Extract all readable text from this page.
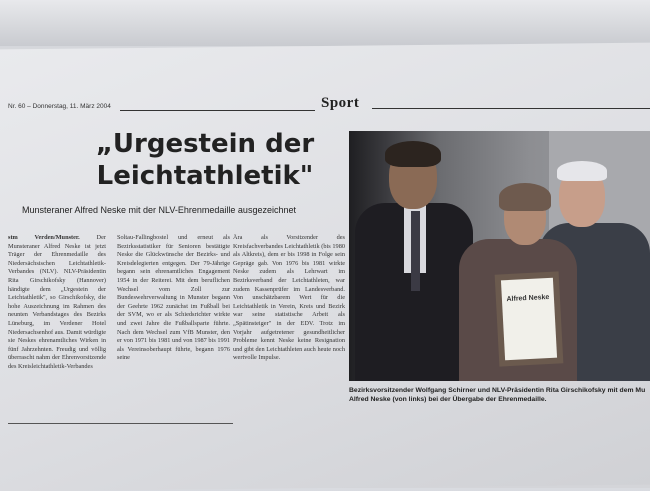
Nr. 60 – Donnerstag, 11. März 2004	Sport
„Urgestein der
Leichtathletik"
Munsteraner Alfred Neske mit der NLV-Ehrenmedaille ausgezeichnet
stm Verden/Munster.	Der Munsteraner Alfred Neske ist jetzt Träger der Ehrenmedaille des Niedersächsischen Leichtathletik-Verbandes (NLV). NLV-Präsidentin Rita Girschikofsky (Hannover) händigte dem „Urgestein der Leichtathletik", so Girschikofsky, die hohe Auszeichnung im Rahmen des neunten Verbandstages des Bezirks Lüneburg, im Verdener Hotel Niedersachsenhof aus. Damit würdigte sie Neskes ehrenamtliches Wirken in fünf Jahrzehnten. Freudig und völlig überrascht nahm der Ehrenvorsitzende des Kreisleichtathletik-Verbandes
Soltau-Fallingbostel und erneut als Bezirksstatistiker für Senioren bestätigte Neske die Glückwünsche der Bezirks- und Kreisdelegierten entgegen. Der 79-Jährige begann sein ehrenamtliches Engagement 1954 in der Reiterei. Mit dem beruflichen Wechsel vom Zoll zur Bundeswehrverwaltung in Munster begann der Geehrte 1962 zunächst im Fußball bei der SVM, wo er als Schiedsrichter wirkte und zwei Jahre die Fußballsparte führte. Nach dem Wechsel zum VfB Munster, den er von 1971 bis 1981 und von 1987 bis 1991 als Vereinsoberhaupt führte, begann 1976 seine
Ära als Vorsitzender des Kreisfachverbandes Leichtathletik (bis 1980 als Altkreis), dem er bis 1998 in Folge sein Gepräge gab. Von 1976 bis 1981 wirkte Neske zudem als Lehrwart im Bezirksverband der Leichtathleten, war zudem Kassenprüfer im Landesverband. Von unschätzbarem Wert für die Leichtathletik in Verein, Kreis und Bezirk war seine statistische Arbeit als „Spätinsteiger" in der EDV. Trotz im Vorjahr aufgetretener gesundheitlicher Probleme kennt Neske keine Resignation und gibt den Leichtathleten auch heute noch wertvolle Impulse.
Alfred Neske
Bezirksvorsitzender Wolfgang Schirner und NLV-Präsidentin Rita Girschikofsky mit dem Mu Alfred Neske (von links) bei der Übergabe der Ehrenmedaille.
